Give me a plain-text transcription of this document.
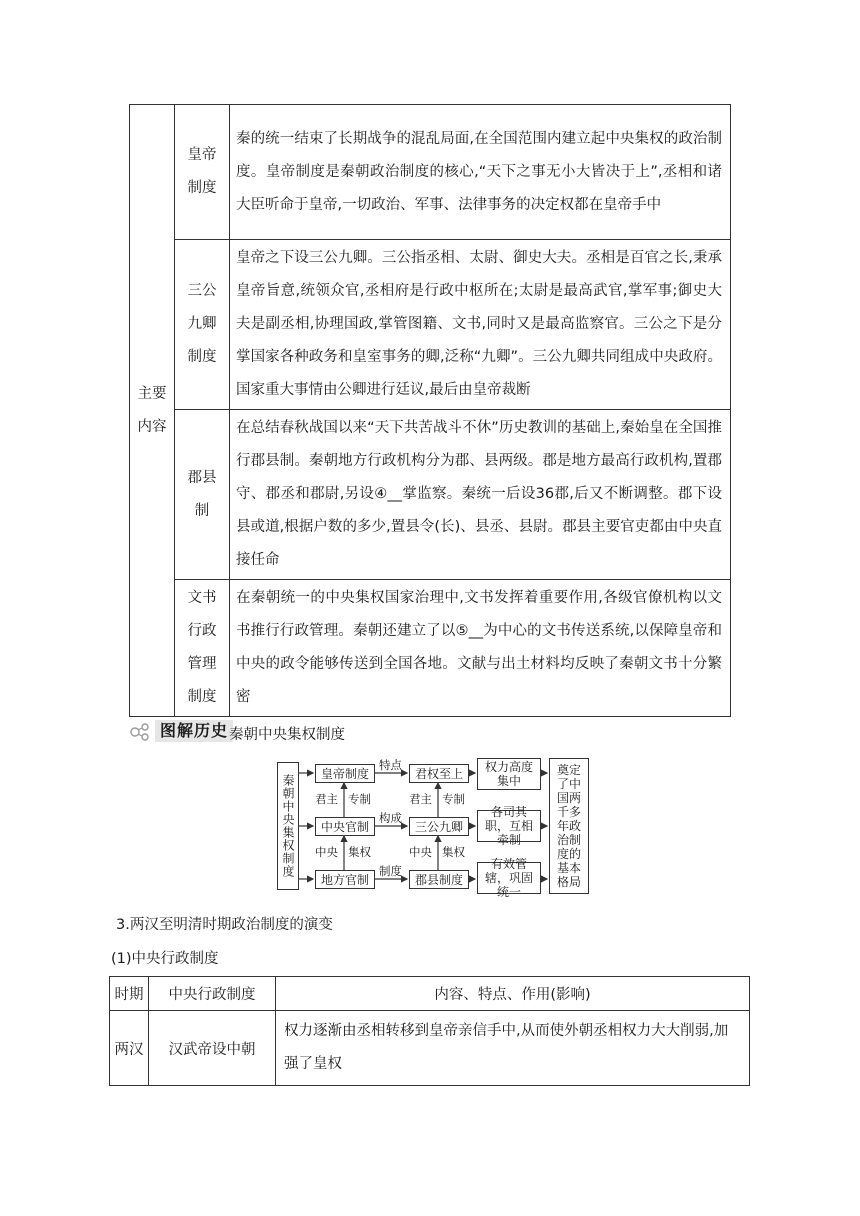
主要内容	皇帝制度	秦的统一结束了长期战争的混乱局面,在全国范围内建立起中央集权的政治制度。皇帝制度是秦朝政治制度的核心,“天下之事无小大皆决于上”,丞相和诸大臣听命于皇帝,一切政治、军事、法律事务的决定权都在皇帝手中
	三公九卿制度	皇帝之下设三公九卿。三公指丞相、太尉、御史大夫。丞相是百官之长,秉承皇帝旨意,统领众官,丞相府是行政中枢所在;太尉是最高武官,掌军事;御史大夫是副丞相,协理国政,掌管图籍、文书,同时又是最高监察官。三公之下是分掌国家各种政务和皇室事务的卿,泛称“九卿”。三公九卿共同组成中央政府。国家重大事情由公卿进行廷议,最后由皇帝裁断
	郡县制	在总结春秋战国以来“天下共苦战斗不休”历史教训的基础上,秦始皇在全国推行郡县制。秦朝地方行政机构分为郡、县两级。郡是地方最高行政机构,置郡守、郡丞和郡尉,另设④__掌监察。秦统一后设36郡,后又不断调整。郡下设县或道,根据户数的多少,置县令(长)、县丞、县尉。郡县主要官吏都由中央直接任命
	文书行政管理制度	在秦朝统一的中央集权国家治理中,文书发挥着重要作用,各级官僚机构以文书推行行政管理。秦朝还建立了以⑤__为中心的文书传送系统,以保障皇帝和中央的政令能够传送到全国各地。文献与出土材料均反映了秦朝文书十分繁密
图解历史 秦朝中央集权制度
秦朝中央集权制度
皇帝制度
中央官制
地方官制
特点
构成
制度
君权至上
三公九卿
郡县制度
权力高度集中
各司其职，互相牵制
有效管辖，巩固统一
奠定了中国两千多年政治制度的基本格局
君主 专制
中央 集权
君主 专制
中央 集权
3.两汉至明清时期政治制度的演变
(1)中央行政制度
时期	中央行政制度	内容、特点、作用(影响)
两汉	汉武帝设中朝	权力逐渐由丞相转移到皇帝亲信手中,从而使外朝丞相权力大大削弱,加强了皇权
